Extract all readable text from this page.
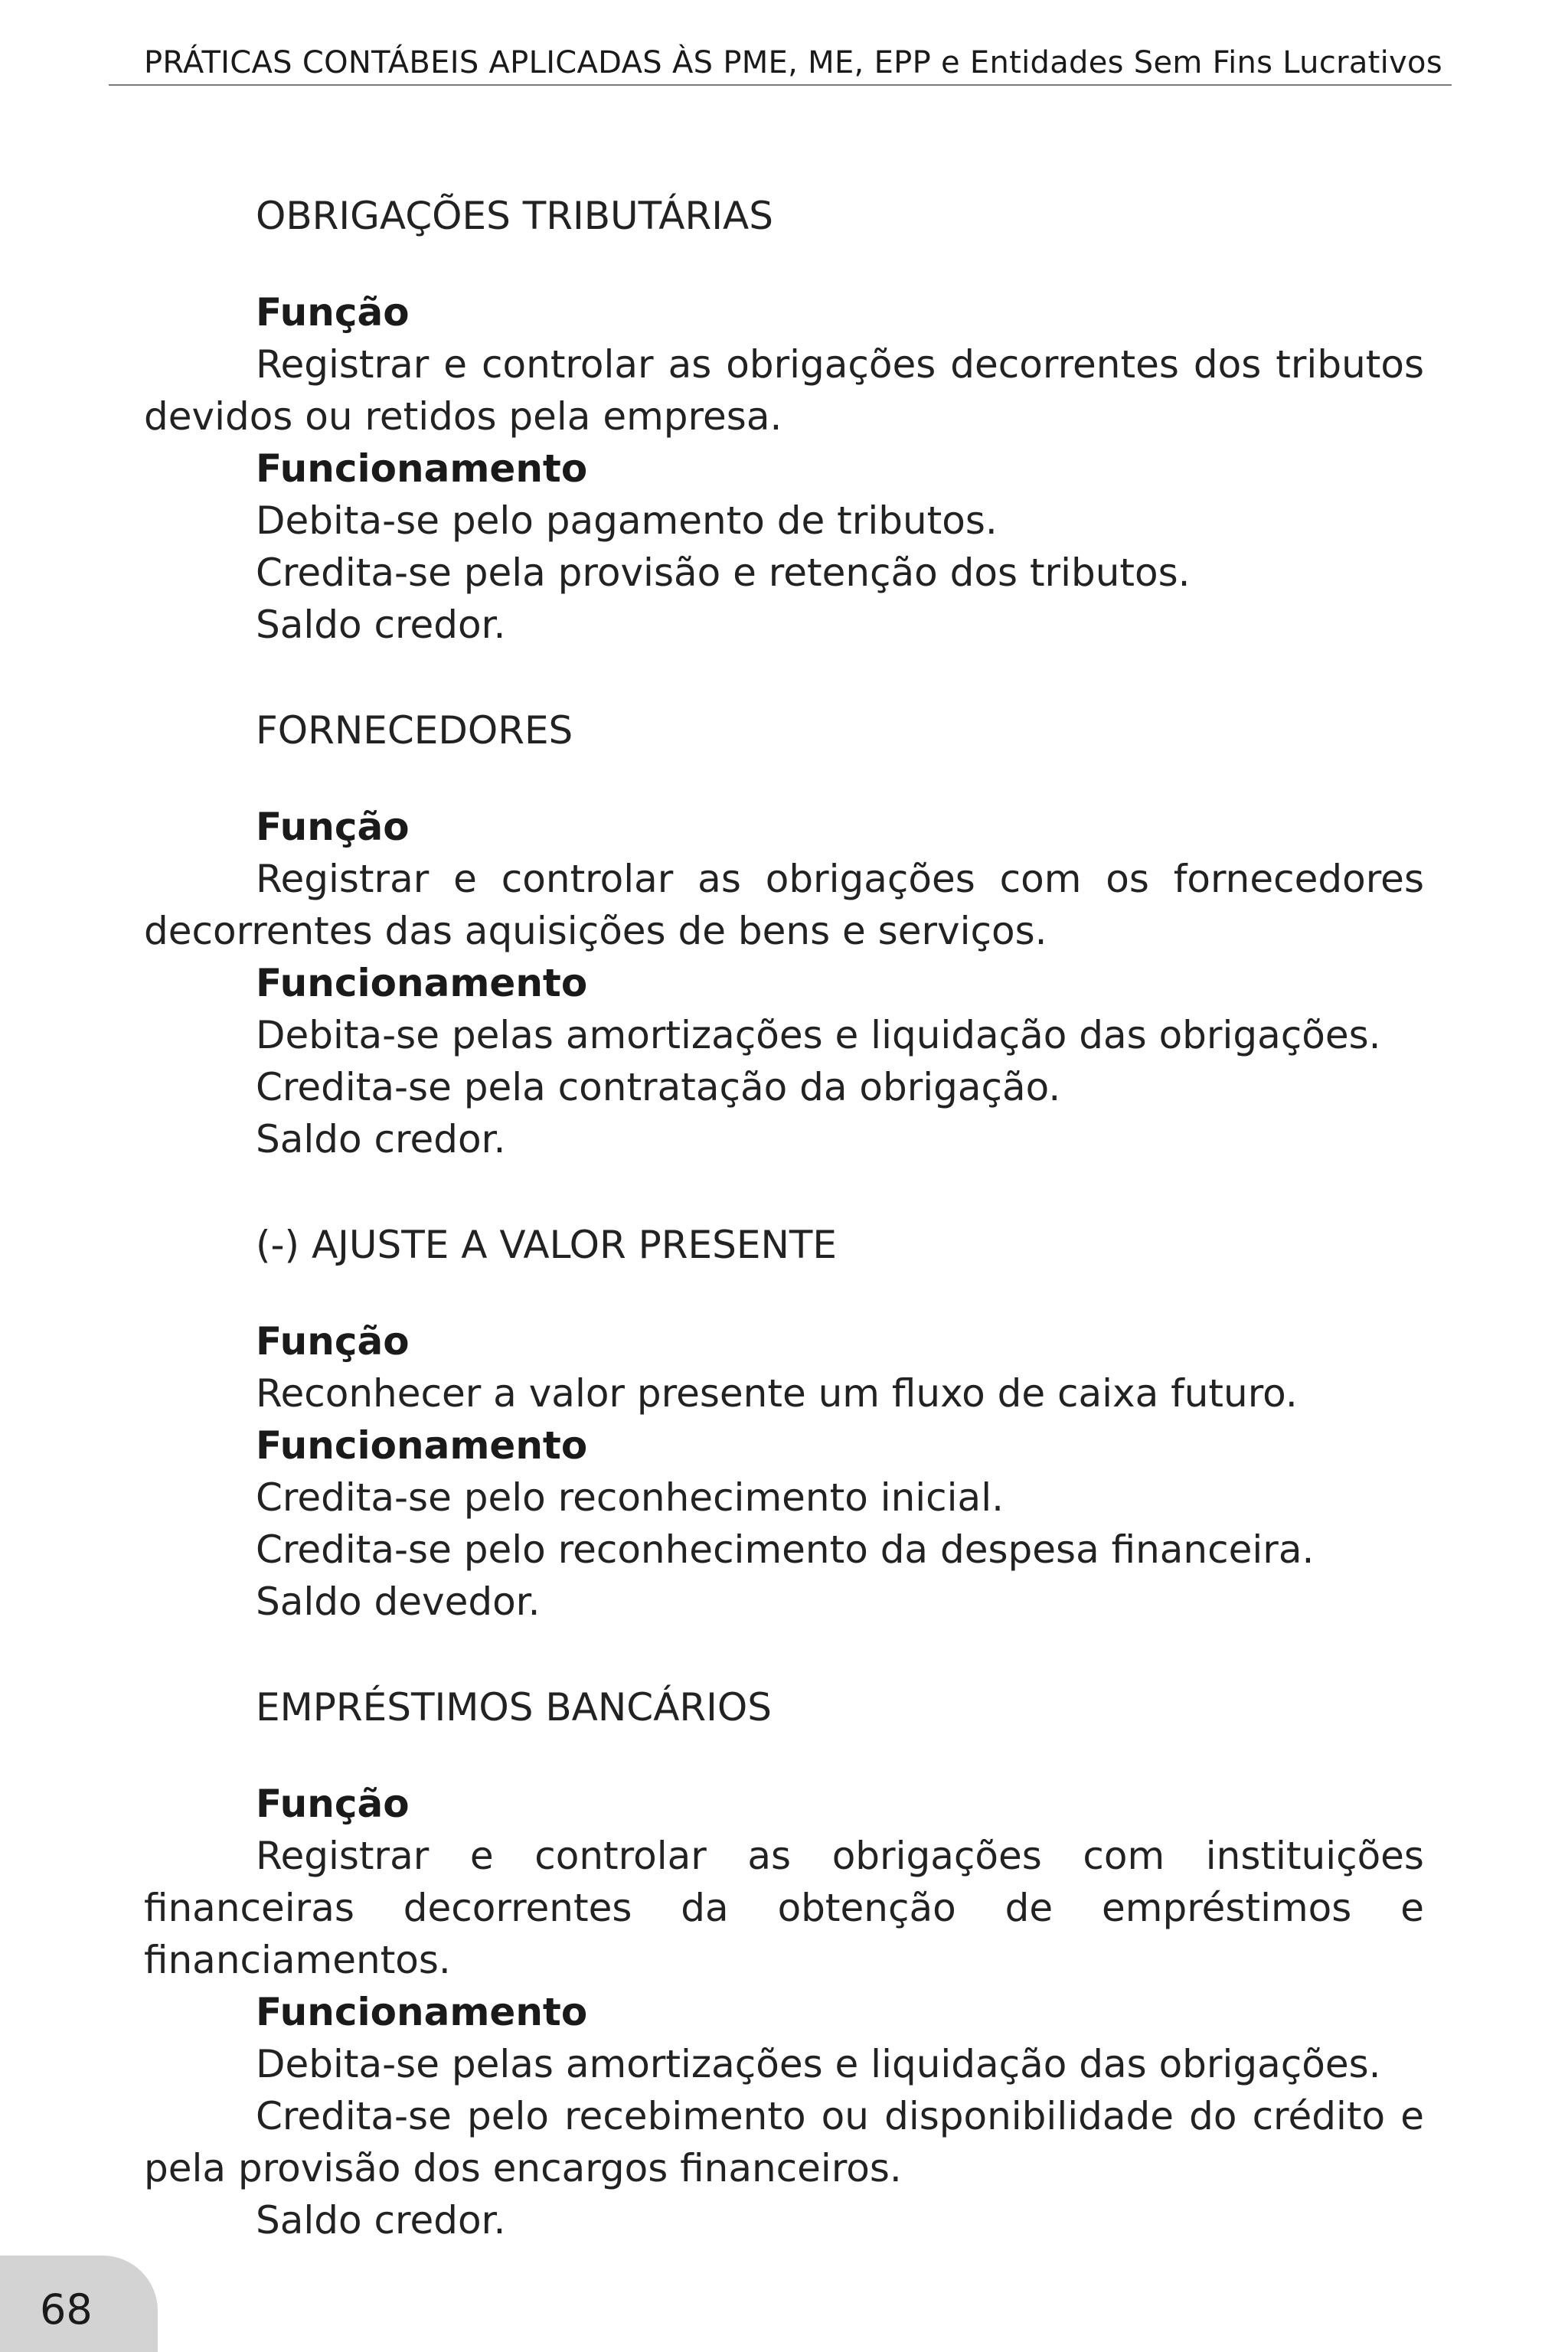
PRÁTICAS CONTÁBEIS APLICADAS ÀS PME, ME, EPP e Entidades Sem Fins Lucrativos
OBRIGAÇÕES TRIBUTÁRIAS
Função
Registrar e controlar as obrigações decorrentes dos tributos devidos ou retidos pela empresa.
Funcionamento
Debita-se pelo pagamento de tributos.
Credita-se pela provisão e retenção dos tributos.
Saldo credor.
FORNECEDORES
Função
Registrar e controlar as obrigações com os fornecedores decorrentes das aquisições de bens e serviços.
Funcionamento
Debita-se pelas amortizações e liquidação das obrigações.
Credita-se pela contratação da obrigação.
Saldo credor.
(-) AJUSTE A VALOR PRESENTE
Função
Reconhecer a valor presente um fluxo de caixa futuro.
Funcionamento
Credita-se pelo reconhecimento inicial.
Credita-se pelo reconhecimento da despesa financeira.
Saldo devedor.
EMPRÉSTIMOS BANCÁRIOS
Função
Registrar e controlar as obrigações com instituições financeiras decorrentes da obtenção de empréstimos e financiamentos.
Funcionamento
Debita-se pelas amortizações e liquidação das obrigações.
Credita-se pelo recebimento ou disponibilidade do crédito e pela provisão dos encargos financeiros.
Saldo credor.
68
